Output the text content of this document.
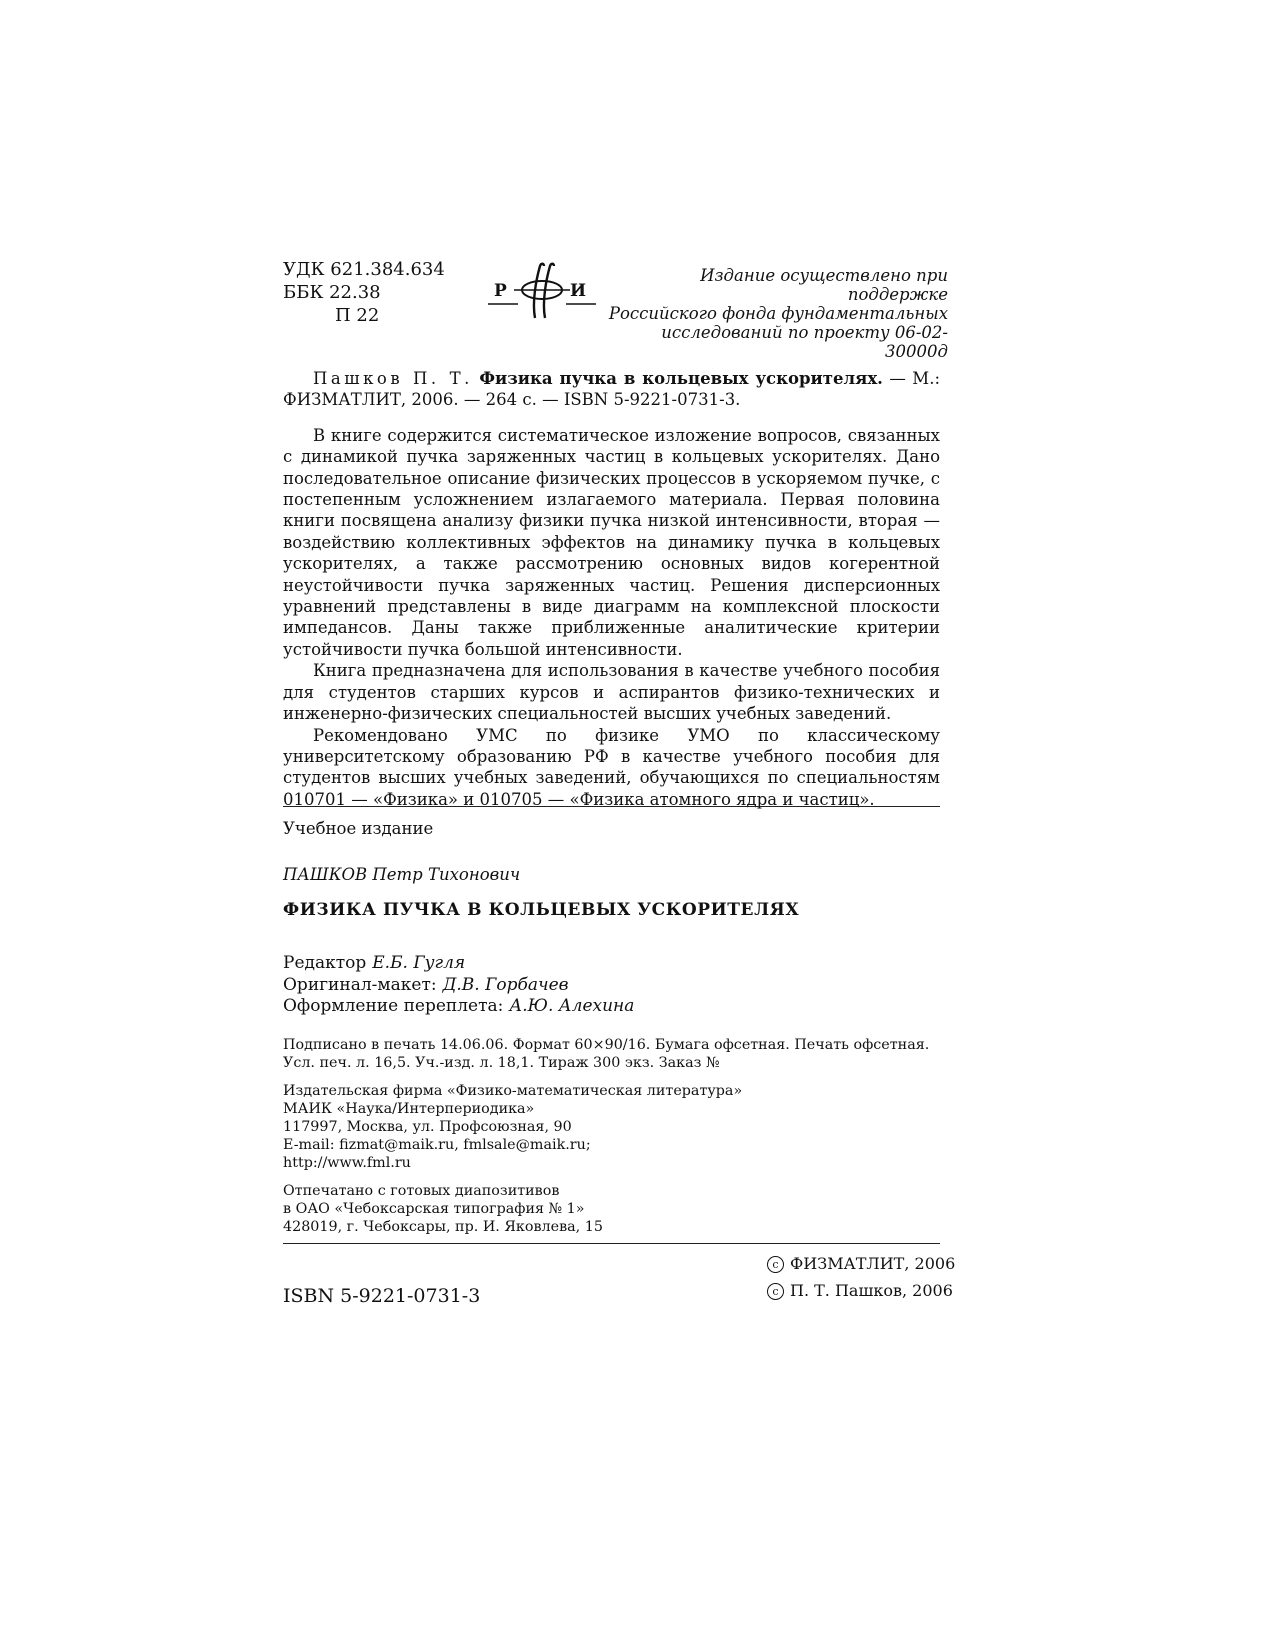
УДК 621.384.634
ББК 22.38
П 22
Р	И
Издание осуществлено при поддержке
Российского фонда фундаментальных
исследований по проекту 06-02-30000д

Пашков П. Т. Физика пучка в кольцевых ускорителях. — М.: ФИЗМАТЛИТ, 2006. — 264 с. — ISBN 5-9221-0731-3.

В книге содержится систематическое изложение вопросов, связанных с динамикой пучка заряженных частиц в кольцевых ускорителях. Дано последовательное описание физических процессов в ускоряемом пучке, с постепенным усложнением излагаемого материала. Первая половина книги посвящена анализу физики пучка низкой интенсивности, вторая — воздействию коллективных эффектов на динамику пучка в кольцевых ускорителях, а также рассмотрению основных видов когерентной неустойчивости пучка заряженных частиц. Решения дисперсионных уравнений представлены в виде диаграмм на комплексной плоскости импедансов. Даны также приближенные аналитические критерии устойчивости пучка большой интенсивности.

Книга предназначена для использования в качестве учебного пособия для студентов старших курсов и аспирантов физико-технических и инженерно-физических специальностей высших учебных заведений.

Рекомендовано УМС по физике УМО по классическому университетскому образованию РФ в качестве учебного пособия для студентов высших учебных заведений, обучающихся по специальностям 010701 — «Физика» и 010705 — «Физика атомного ядра и частиц».

Учебное издание
ПАШКОВ Петр Тихонович
ФИЗИКА ПУЧКА В КОЛЬЦЕВЫХ УСКОРИТЕЛЯХ
Редактор Е.Б. Гугля
Оригинал-макет: Д.В. Горбачев
Оформление переплета: А.Ю. Алехина
Подписано в печать 14.06.06. Формат 60×90/16. Бумага офсетная. Печать офсетная.
Усл. печ. л. 16,5. Уч.-изд. л. 18,1. Тираж 300 экз. Заказ №
Издательская фирма «Физико-математическая литература»
МАИК «Наука/Интерпериодика»
117997, Москва, ул. Профсоюзная, 90
E-mail: fizmat@maik.ru, fmlsale@maik.ru;
http://www.fml.ru
Отпечатано с готовых диапозитивов
в ОАО «Чебоксарская типография № 1»
428019, г. Чебоксары, пр. И. Яковлева, 15
ISBN 5-9221-0731-3
c ФИЗМАТЛИТ, 2006
c П. Т. Пашков, 2006
